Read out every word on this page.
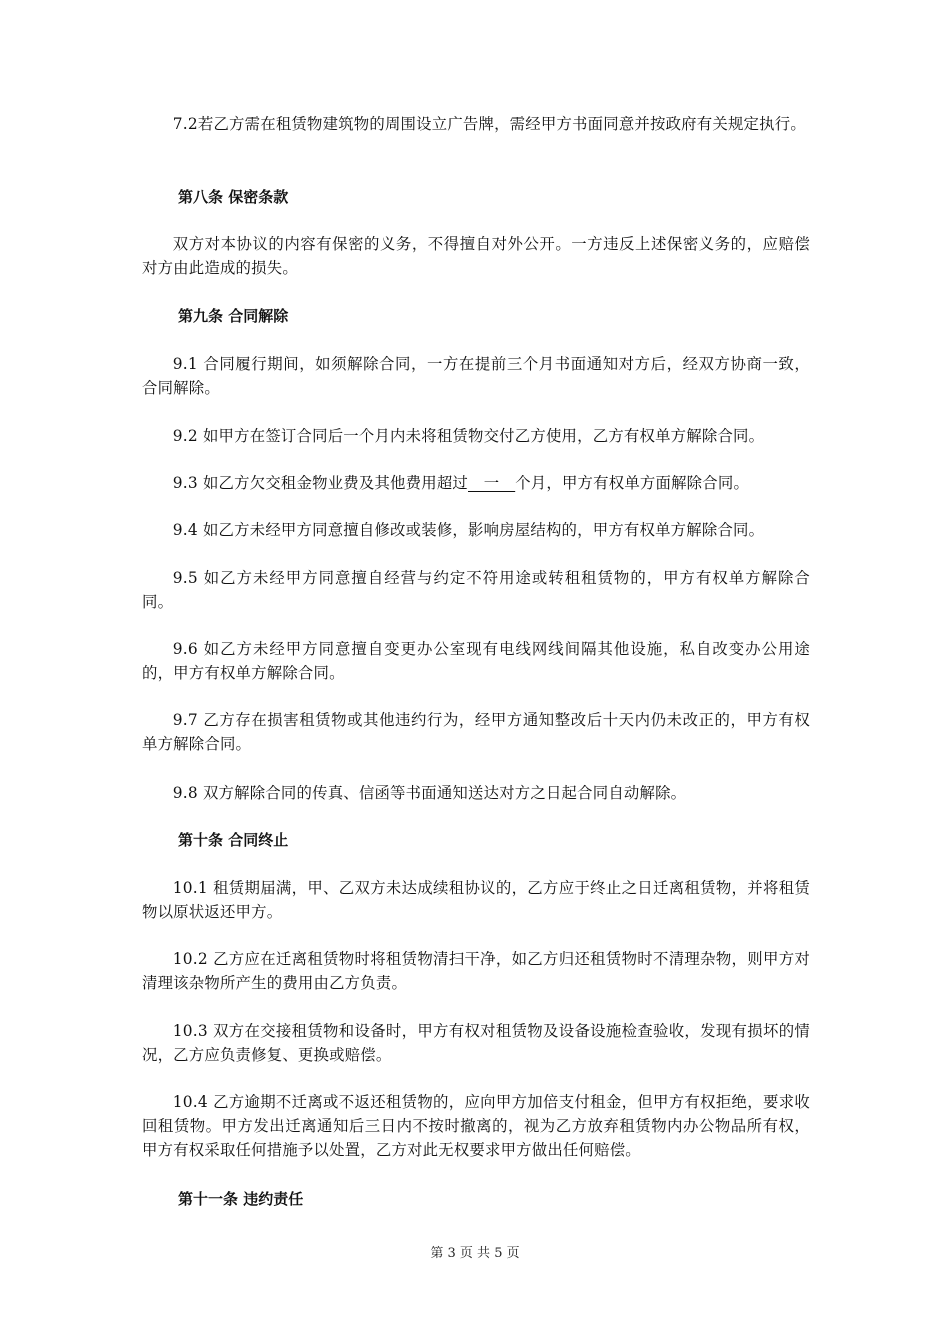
7.2若乙方需在租赁物建筑物的周围设立广告牌，需经甲方书面同意并按政府有关规定执行。

第八条 保密条款

双方对本协议的内容有保密的义务，不得擅自对外公开。一方违反上述保密义务的，应赔偿对方由此造成的损失。

第九条 合同解除

9.1 合同履行期间，如须解除合同，一方在提前三个月书面通知对方后，经双方协商一致，合同解除。

9.2 如甲方在签订合同后一个月内未将租赁物交付乙方使用，乙方有权单方解除合同。

9.3 如乙方欠交租金物业费及其他费用超过__一__个月，甲方有权单方面解除合同。

9.4 如乙方未经甲方同意擅自修改或装修，影响房屋结构的，甲方有权单方解除合同。

9.5 如乙方未经甲方同意擅自经营与约定不符用途或转租租赁物的，甲方有权单方解除合同。

9.6 如乙方未经甲方同意擅自变更办公室现有电线网线间隔其他设施，私自改变办公用途的，甲方有权单方解除合同。

9.7 乙方存在损害租赁物或其他违约行为，经甲方通知整改后十天内仍未改正的，甲方有权单方解除合同。

9.8 双方解除合同的传真、信函等书面通知送达对方之日起合同自动解除。

第十条 合同终止

10.1 租赁期届满，甲、乙双方未达成续租协议的，乙方应于终止之日迁离租赁物，并将租赁物以原状返还甲方。

10.2 乙方应在迁离租赁物时将租赁物清扫干净，如乙方归还租赁物时不清理杂物，则甲方对清理该杂物所产生的费用由乙方负责。

10.3 双方在交接租赁物和设备时，甲方有权对租赁物及设备设施检查验收，发现有损坏的情况，乙方应负责修复、更换或赔偿。

10.4 乙方逾期不迁离或不返还租赁物的，应向甲方加倍支付租金，但甲方有权拒绝，要求收回租赁物。甲方发出迁离通知后三日内不按时撤离的，视为乙方放弃租赁物内办公物品所有权，甲方有权采取任何措施予以处置，乙方对此无权要求甲方做出任何赔偿。

第十一条 违约责任

第 3 页 共 5 页
